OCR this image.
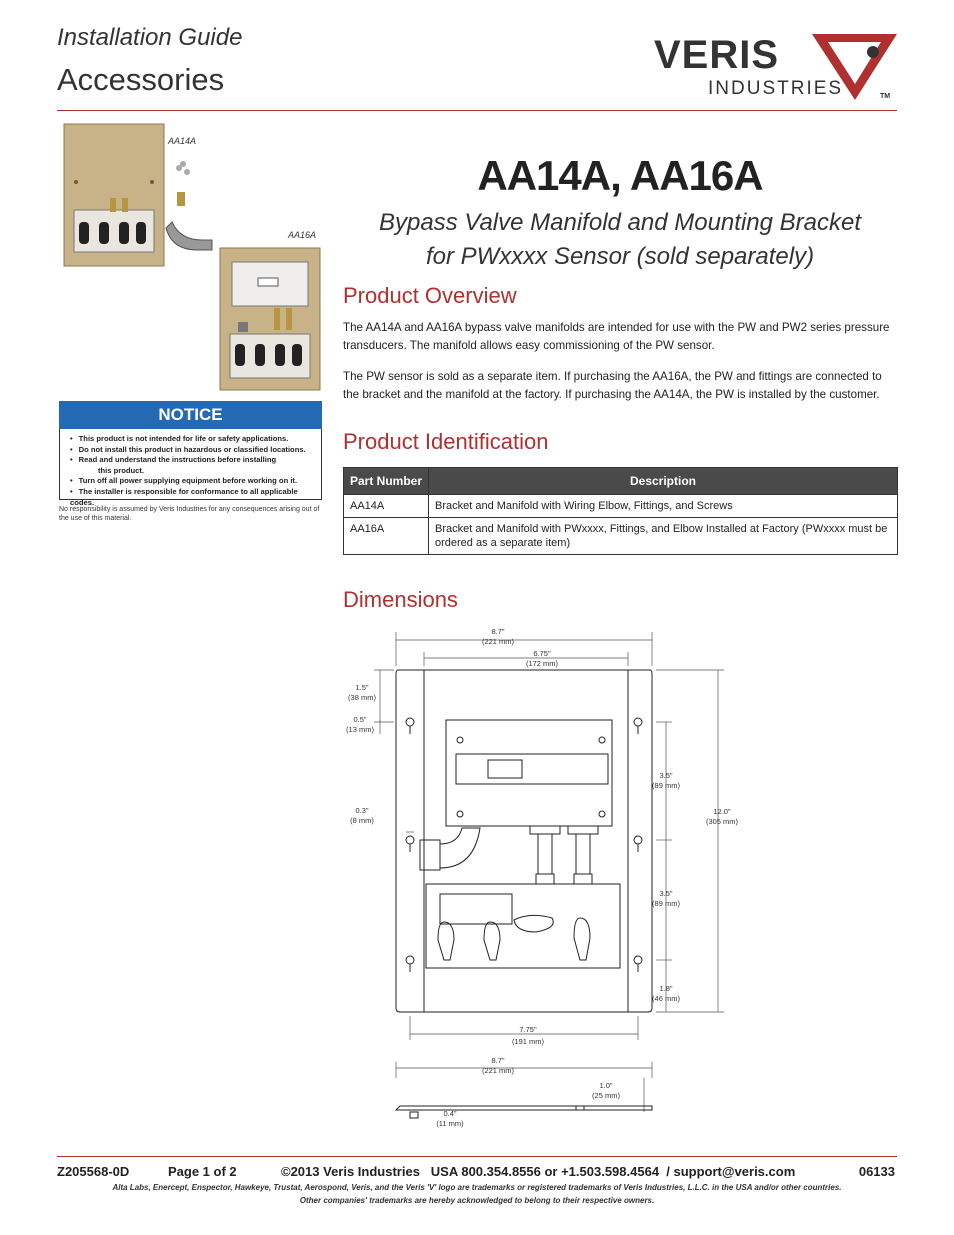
Installation Guide
Accessories
VERIS
INDUSTRIES	TM
AA14A
AA16A
NOTICE
• This product is not intended for life or safety applications.
• Do not install this product in hazardous or classified locations.
• Read and understand the instructions before installing
this product.
• Turn off all power supplying equipment before working on it.
• The installer is responsible for conformance to all applicable codes.
No responsibility is assumed by Veris Industries for any consequences arising out of the use of this material.
AA14A, AA16A
Bypass Valve Manifold and Mounting Bracket
for PWxxxx Sensor (sold separately)
Product Overview
The AA14A and AA16A bypass valve manifolds are intended for use with the PW and PW2 series pressure transducers. The manifold allows easy commissioning of the PW sensor.
The PW sensor is sold as a separate item. If purchasing the AA16A, the PW and fittings are connected to the bracket and the manifold at the factory. If purchasing the AA14A, the PW is installed by the customer.
Product Identification
Part Number	Description
AA14A	Bracket and Manifold with Wiring Elbow, Fittings, and Screws
AA16A	Bracket and Manifold with PWxxxx, Fittings, and Elbow Installed at Factory (PWxxxx must be ordered as a separate item)
Dimensions
8.7"
(221 mm)
6.75"
(172 mm)
1.5"
(38 mm)
0.5"
(13 mm)
0.3"
(8 mm)
3.5"
(89 mm)
3.5"
(89 mm)
1.8"
(46 mm)
12.0"
(305 mm)
7.75"
(191 mm)
8.7"
(221 mm)
1.0"
(25 mm)
0.4"
(11 mm)
Z205568-0D	Page 1 of 2	©2013 Veris Industries   USA 800.354.8556 or +1.503.598.4564  / support@veris.com	06133
Alta Labs, Enercept, Enspector, Hawkeye, Trustat, Aerospond, Veris, and the Veris 'V' logo are trademarks or registered trademarks of Veris Industries, L.L.C. in the USA and/or other countries.
Other companies' trademarks are hereby acknowledged to belong to their respective owners.
